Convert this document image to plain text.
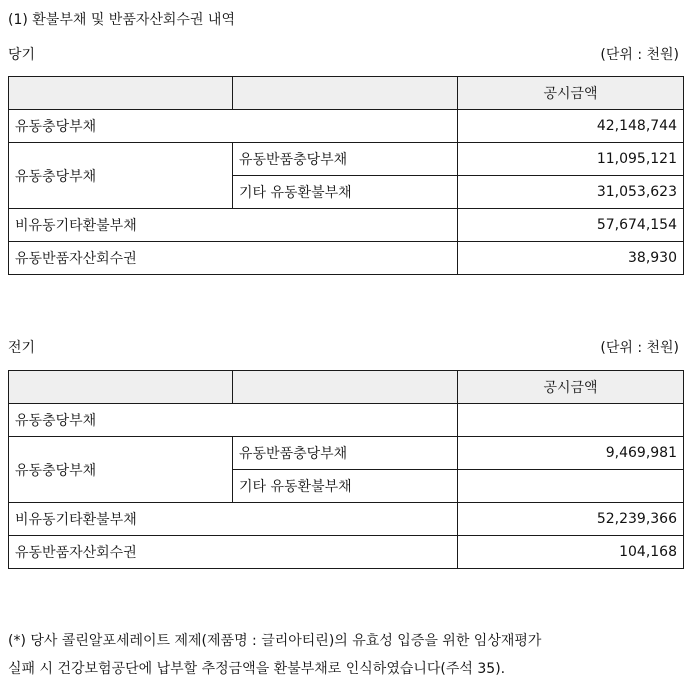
(1) 환불부채 및 반품자산회수권 내역
당기	(단위 : 천원)
		공시금액
유동충당부채		42,148,744
유동충당부채	유동반품충당부채	11,095,121
	기타 유동환불부채	31,053,623
비유동기타환불부채		57,674,154
유동반품자산회수권		38,930
전기	(단위 : 천원)
		공시금액
유동충당부채		
유동충당부채	유동반품충당부채	9,469,981
	기타 유동환불부채	
비유동기타환불부채		52,239,366
유동반품자산회수권		104,168
(*) 당사 콜린알포세레이트 제제(제품명 : 글리아티린)의 유효성 입증을 위한 임상재평가
실패 시 건강보험공단에 납부할 추정금액을 환불부채로 인식하였습니다(주석 35).
